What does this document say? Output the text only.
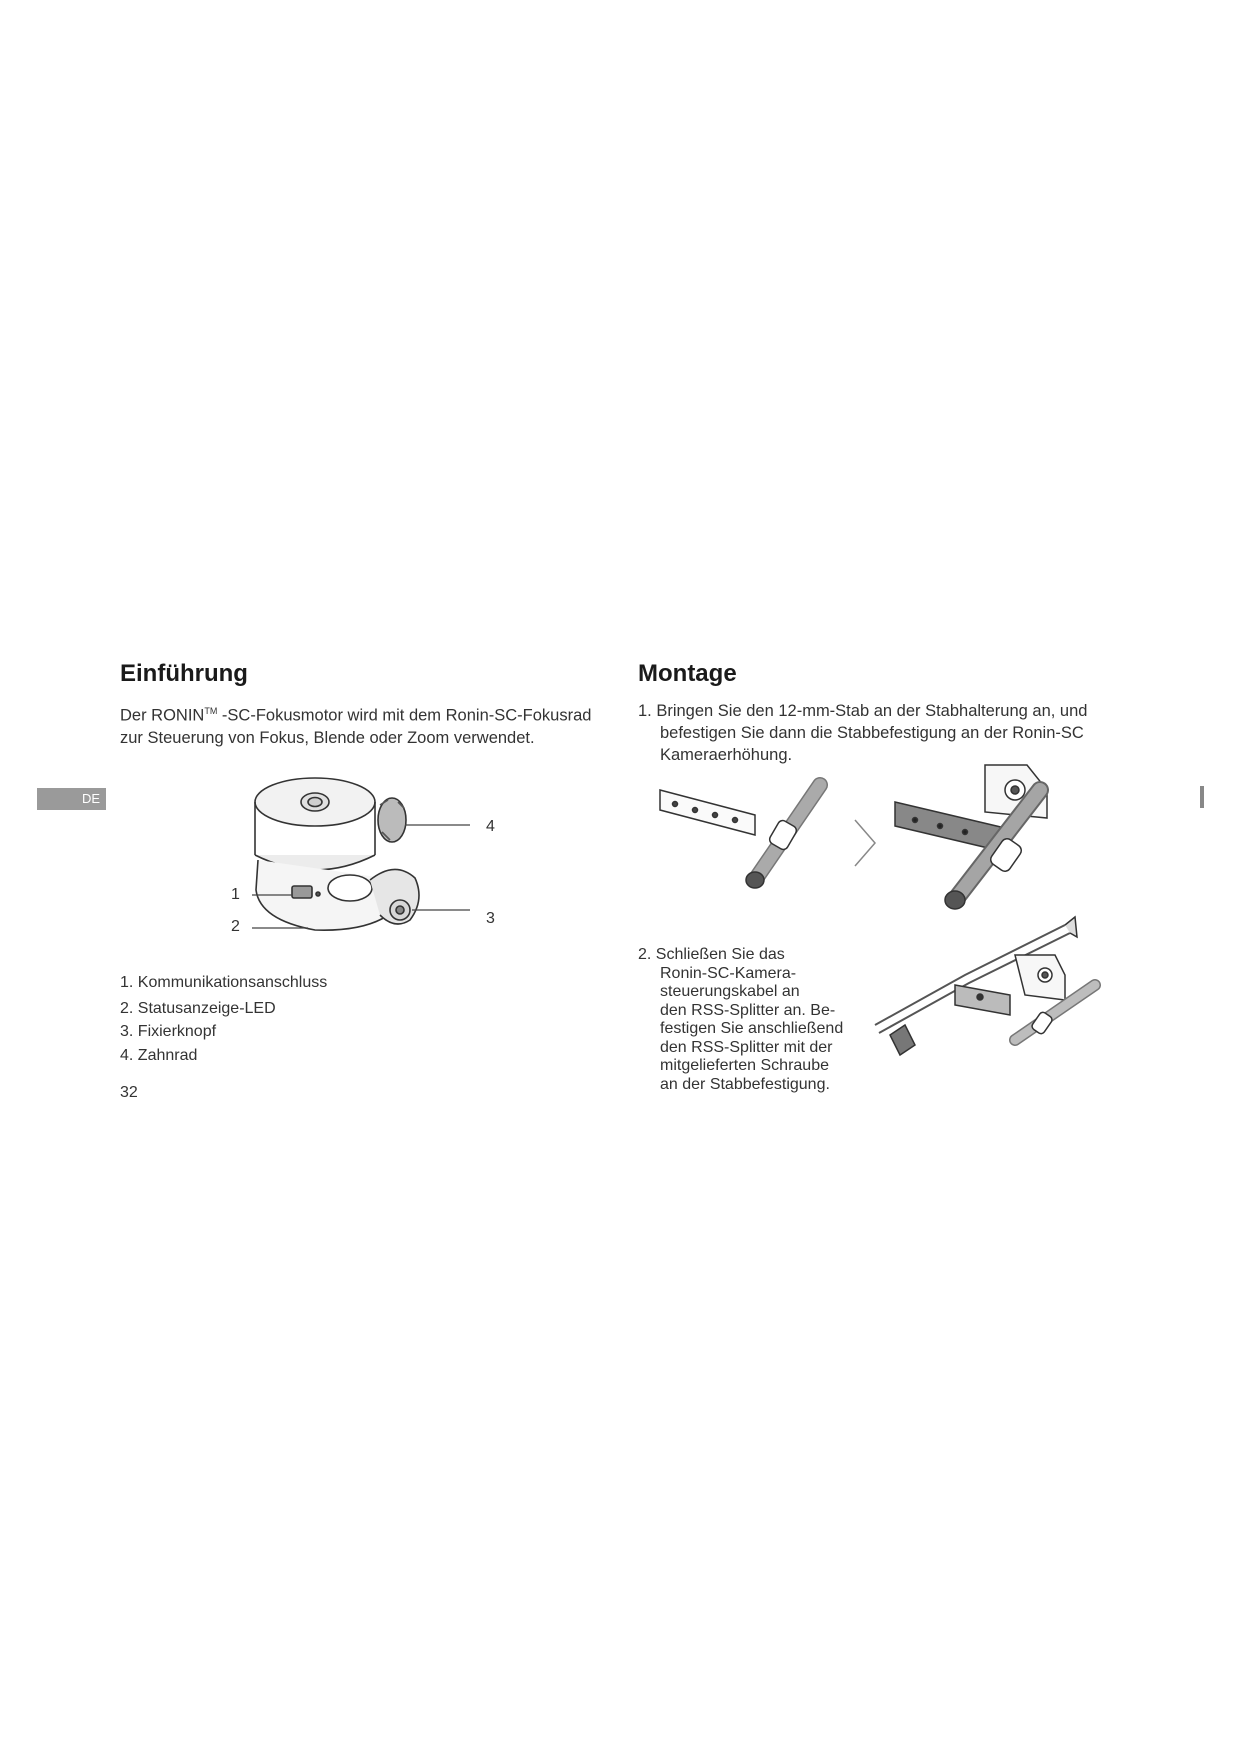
Einführung
Der RONIN™ -SC-Fokusmotor wird mit dem Ronin-SC-Fokusrad
zur Steuerung von Fokus, Blende oder Zoom verwendet.
DE
4
1
3
2
1. Kommunikationsanschluss
2. Statusanzeige-LED
3. Fixierknopf
4. Zahnrad
32
Montage
1. Bringen Sie den 12-mm-Stab an der Stabhalterung an, und
befestigen Sie dann die Stabbefestigung an der Ronin-SC
Kameraerhöhung.
2. Schließen Sie das
Ronin-SC-Kamera-
steuerungskabel an
den RSS-Splitter an. Be-
festigen Sie anschließend
den RSS-Splitter mit der
mitgelieferten Schraube
an der Stabbefestigung.
